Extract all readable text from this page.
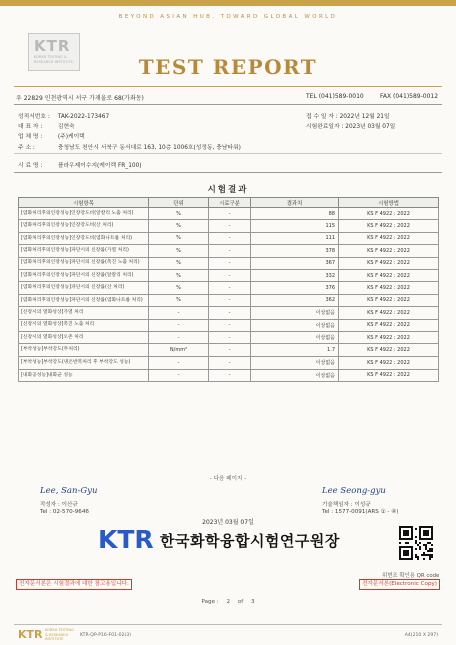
BEYOND ASIAN HUB, TOWARD GLOBAL WORLD
KTR
KOREA TESTING & RESEARCH INSTITUTE	TEST REPORT
우 22829 인천광역시 서구 가재울로 68(가좌동)	TEL (041)589-0010	FAX (041)589-0012
성적서번호 : TAK-2022-173467
대 표 자 :	김현숙
업 체 명 :	(주)케이택
주 소 :	충청남도 천안시 서북구 동서대로 163, 10층 1006호(성정동, 충남타워)
접 수 일 자 : 2022년 12월 21일
시험완료일자 : 2023년 03월 07일
시 료 명 :	플라우제이수지(케이랙 FR_100)
시험결과
시험항목	단위	시료구분	결과치	시험방법
[염화처리후의인장성능]인장강도비(알칼리 노출 처리)	%	-	88	KS F 4922 : 2022
[염화처리후의인장성능]인장강도비(산 처리)	%	-	115	KS F 4922 : 2022
[염화처리후의인장성능]인장강도비(염화나트륨 처리)	%	-	111	KS F 4922 : 2022
[염화처리후의인장성능]파단시의 신장률(가열 처리)	%	-	378	KS F 4922 : 2022
[염화처리후의인장성능]파단시의 신장률(촉진 노출 처리)	%	-	367	KS F 4922 : 2022
[염화처리후의인장성능]파단시의 신장률(알칼리 처리)	%	-	332	KS F 4922 : 2022
[염화처리후의인장성능]파단시의 신장률(산 처리)	%	-	376	KS F 4922 : 2022
[염화처리후의인장성능]파단시의 신장률(염화나트륨 처리)	%	-	362	KS F 4922 : 2022
[신장시의 열화성상]가열 처리	-	-	이상없음	KS F 4922 : 2022
[신장시의 열화성상]촉진 노출 처리	-	-	이상없음	KS F 4922 : 2022
[신장시의 열화성상]오존 처리	-	-	이상없음	KS F 4922 : 2022
[부착성능]부착강도(무처리)	N/mm²	-	1.7	KS F 4922 : 2022
[부착성능]부착강도(냉온반복처리 후 부착강도 성능)	-	-	이상없음	KS F 4922 : 2022
[내화공성능]내화균 성능	-	-	이상없음	KS F 4922 : 2022
- 다음 페이지 -
Lee, San-Gyu
작성자 : 이산규
Tel : 02-570-9646
Lee Seong-gyu
기술책임자 : 이성규
Tel : 1577-0091(ARS ① - ④)
2023년 03월 07일
KTR 한국화학융합시험연구원장
위변조 확인용 QR code
전자문서본은 시험결과에 대한 참고용입니다.	전자문서본(Electronic Copy)
Page : 2 of 3
KTR KOREA TESTING & RESEARCH INSTITUTE
KTR-QP-P16-F01-02(3)	A4(210 X 297)
